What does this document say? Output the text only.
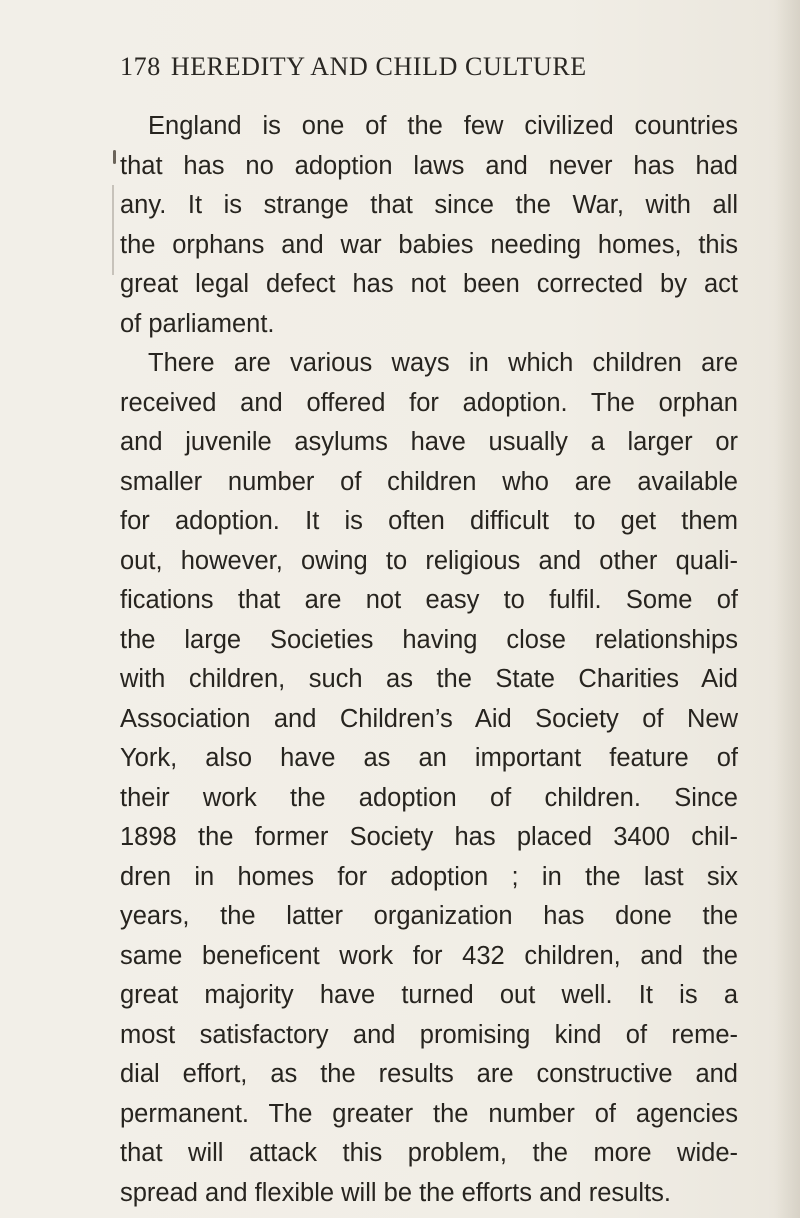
178 HEREDITY AND CHILD CULTURE
England is one of the few civilized countries
that has no adoption laws and never has had
any. It is strange that since the War, with all
the orphans and war babies needing homes, this
great legal defect has not been corrected by act
of parliament.
There are various ways in which children are
received and offered for adoption. The orphan
and juvenile asylums have usually a larger or
smaller number of children who are available
for adoption. It is often difficult to get them
out, however, owing to religious and other quali-
fications that are not easy to fulfil. Some of
the large Societies having close relationships
with children, such as the State Charities Aid
Association and Children’s Aid Society of New
York, also have as an important feature of
their work the adoption of children. Since
1898 the former Society has placed 3400 chil-
dren in homes for adoption ; in the last six
years, the latter organization has done the
same beneficent work for 432 children, and the
great majority have turned out well. It is a
most satisfactory and promising kind of reme-
dial effort, as the results are constructive and
permanent. The greater the number of agencies
that will attack this problem, the more wide-
spread and flexible will be the efforts and results.
